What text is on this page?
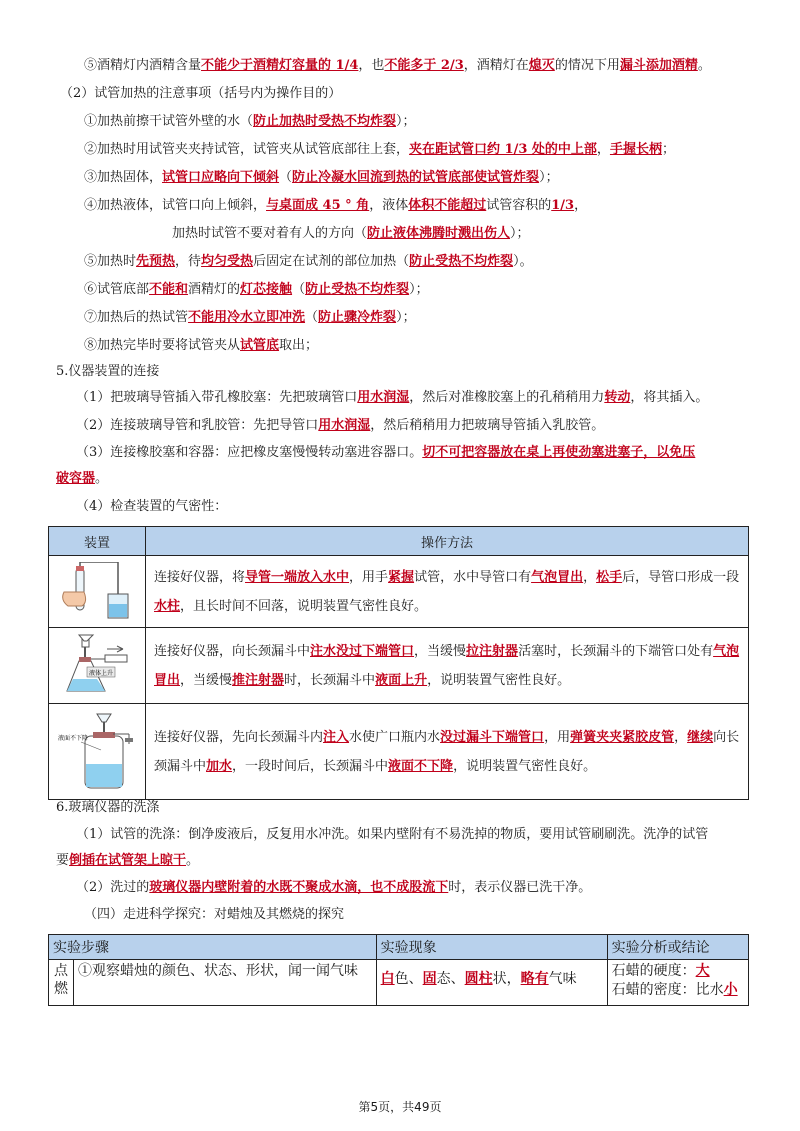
⑤酒精灯内酒精含量不能少于酒精灯容量的 1/4，也不能多于 2/3，酒精灯在熄灭的情况下用漏斗添加酒精。
（2）试管加热的注意事项（括号内为操作目的）
①加热前擦干试管外壁的水（防止加热时受热不均炸裂）；
②加热时用试管夹夹持试管，试管夹从试管底部往上套，夹在距试管口约 1/3 处的中上部，手握长柄；
③加热固体，试管口应略向下倾斜（防止冷凝水回流到热的试管底部使试管炸裂）；
④加热液体，试管口向上倾斜，与桌面成 45 ° 角，液体体积不能超过试管容积的1/3，
加热时试管不要对着有人的方向（防止液体沸腾时溅出伤人）；
⑤加热时先预热，待均匀受热后固定在试剂的部位加热（防止受热不均炸裂）。
⑥试管底部不能和酒精灯的灯芯接触（防止受热不均炸裂）；
⑦加热后的热试管不能用冷水立即冲洗（防止骤冷炸裂）；
⑧加热完毕时要将试管夹从试管底取出；
5.仪器装置的连接
（1）把玻璃导管插入带孔橡胶塞：先把玻璃管口用水润湿，然后对准橡胶塞上的孔稍稍用力转动，将其插入。
（2）连接玻璃导管和乳胶管：先把导管口用水润湿，然后稍稍用力把玻璃导管插入乳胶管。
（3）连接橡胶塞和容器：应把橡皮塞慢慢转动塞进容器口。切不可把容器放在桌上再使劲塞进塞子，以免压
破容器。
（4）检查装置的气密性：
装置	操作方法

	连接好仪器，将导管一端放入水中，用手紧握试管，水中导管口有气泡冒出，松手后，导管口形成一段水柱，且长时间不回落，说明装置气密性良好。

液体上升	连接好仪器，向长颈漏斗中注水没过下端管口，当缓慢拉注射器活塞时，长颈漏斗的下端管口处有气泡冒出，当缓慢推注射器时，长颈漏斗中液面上升，说明装置气密性良好。

液面不下降	连接好仪器，先向长颈漏斗内注入水使广口瓶内水没过漏斗下端管口，用弹簧夹夹紧胶皮管，继续向长颈漏斗中加水，一段时间后，长颈漏斗中液面不下降，说明装置气密性良好。
6.玻璃仪器的洗涤
（1）试管的洗涤：倒净废液后，反复用水冲洗。如果内壁附有不易洗掉的物质，要用试管刷刷洗。洗净的试管
要倒插在试管架上晾干。
（2）洗过的玻璃仪器内壁附着的水既不聚成水滴，也不成股流下时，表示仪器已洗干净。
（四）走进科学探究：对蜡烛及其燃烧的探究
实验步骤		实验现象	实验分析或结论
点燃	①观察蜡烛的颜色、状态、形状，闻一闻气味	白色、固态、圆柱状，略有气味	石蜡的硬度：大
石蜡的密度：比水小
第5页，共49页
